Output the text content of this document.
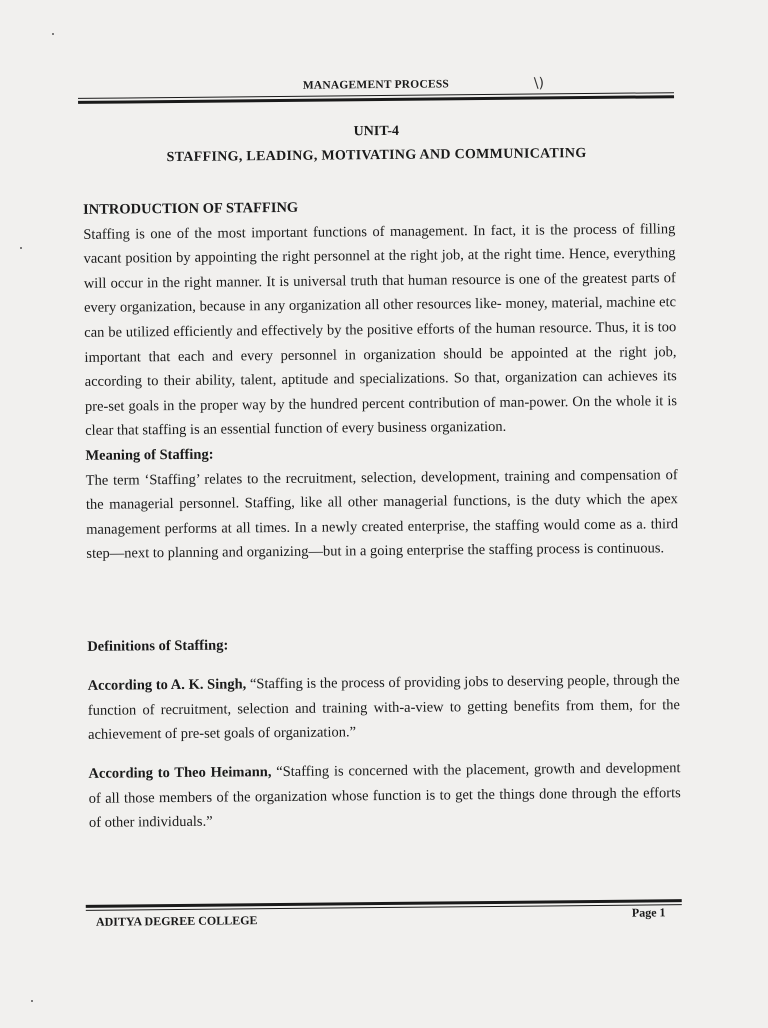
MANAGEMENT PROCESS	\)
UNIT-4
STAFFING, LEADING, MOTIVATING AND COMMUNICATING

INTRODUCTION OF STAFFING

Staffing is one of the most important functions of management. In fact, it is the process of filling vacant position by appointing the right personnel at the right job, at the right time. Hence, everything will occur in the right manner. It is universal truth that human resource is one of the greatest parts of every organization, because in any organization all other resources like- money, material, machine etc can be utilized efficiently and effectively by the positive efforts of the human resource. Thus, it is too important that each and every personnel in organization should be appointed at the right job, according to their ability, talent, aptitude and specializations. So that, organization can achieves its pre-set goals in the proper way by the hundred percent contribution of man-power. On the whole it is clear that staffing is an essential function of every business organization.

Meaning of Staffing:

The term ‘Staffing’ relates to the recruitment, selection, development, training and compensation of the managerial personnel. Staffing, like all other managerial functions, is the duty which the apex management performs at all times. In a newly created enterprise, the staffing would come as a. third step—next to planning and organizing—but in a going enterprise the staffing process is continuous.

Definitions of Staffing:

According to A. K. Singh, “Staffing is the process of providing jobs to deserving people, through the function of recruitment, selection and training with-a-view to getting benefits from them, for the achievement of pre-set goals of organization.”

According to Theo Heimann, “Staffing is concerned with the placement, growth and development of all those members of the organization whose function is to get the things done through the efforts of other individuals.”

ADITYA DEGREE COLLEGE
Page 1
